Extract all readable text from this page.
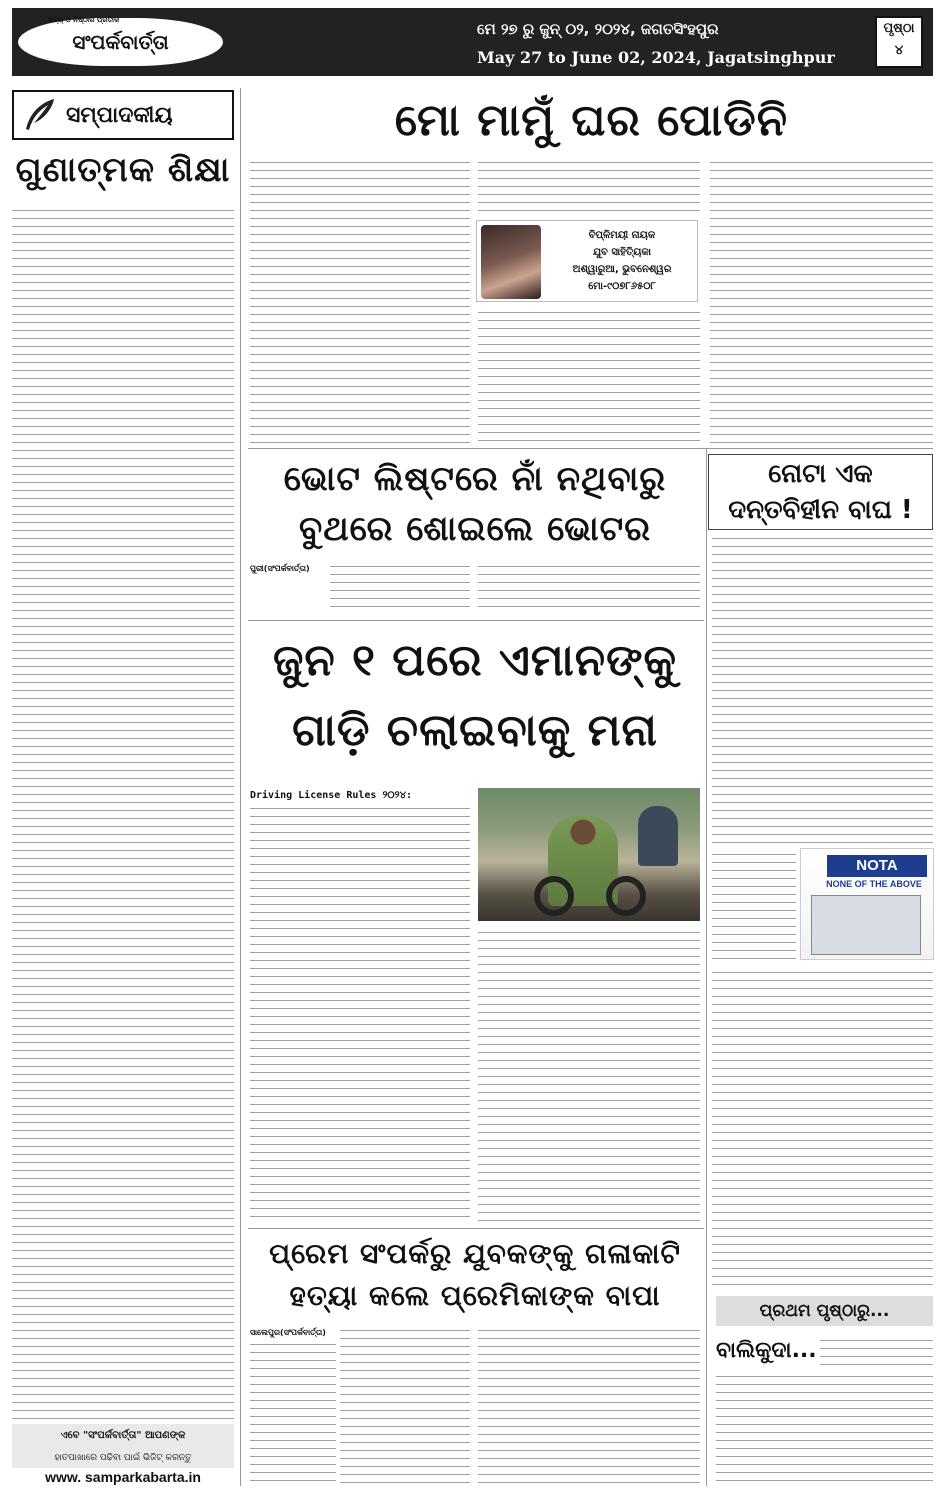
ସତ୍ୟ ଓ ନିଷ୍ଠାର ପ୍ରତୀକ
ସଂପର୍କବାର୍ତ୍ତା
ମେ ୨୭ ରୁ ଜୁନ୍ ୦୨, ୨୦୨୪, ଜଗତସିଂହପୁର
May 27 to June 02, 2024, Jagatsinghpur
ପୃଷ୍ଠା
୪
ସମ୍ପାଦକୀୟ
ଗୁଣାତ୍ମକ ଶିକ୍ଷା
ଏବେ "ସଂପର୍କବାର୍ତ୍ତା" ଆପଣଙ୍କ
ହାତପାଖାରେ ପଢିବା ପାଇଁ ଭିଜିଟ୍ କରନ୍ତୁ
www. samparkabarta.in
ମୋ ମାମୁଁ ଘର ପୋଡିନି
ବିପ୍ଳିମୟୀ ନାୟକ
ଯୁବ ସାହିତ୍ୟିକା
ଅଶ୍ୱାରୁଆ, ଭୁବନେଶ୍ୱର
ମୋ-୯୦୭୮୬୫୦୮
ଭୋଟ ଲିଷ୍ଟରେ ନାଁ ନଥିବାରୁ
ବୁଥରେ ଶୋଇଲେ ଭୋଟର
ପୁରୀ(ସଂପର୍କବାର୍ତ୍ତା)
ଜୁନ ୧ ପରେ ଏମାନଙ୍କୁ
ଗାଡ଼ି ଚଲାଇବାକୁ ମନା
Driving License Rules ୨୦୨୪:
ନୋଟା ଏକ
ଦନ୍ତବିହୀନ ବାଘ !
NOTA
NONE OF THE ABOVE
ପ୍ରେମ ସଂପର୍କରୁ ଯୁବକଙ୍କୁ ଗଳାକାଟି
ହତ୍ୟା କଲେ ପ୍ରେମିକାଙ୍କ ବାପା
ସାଲେପୁର(ସଂପର୍କବାର୍ତ୍ତା)
ପ୍ରଥମ ପୃଷ୍ଠାରୁ...
ବାଲିକୁଦା...
